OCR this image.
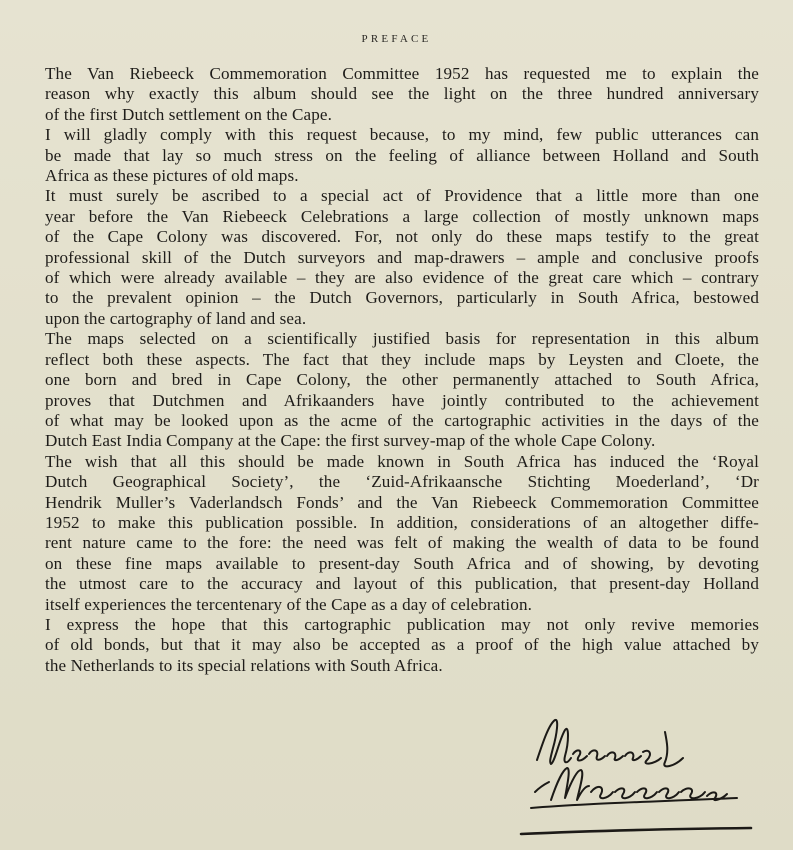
PREFACE

The Van Riebeeck Commemoration Committee 1952 has requested me to explain the
reason why exactly this album should see the light on the three hundred anniversary
of the first Dutch settlement on the Cape.

I will gladly comply with this request because, to my mind, few public utterances can
be made that lay so much stress on the feeling of alliance between Holland and South
Africa as these pictures of old maps.

It must surely be ascribed to a special act of Providence that a little more than one
year before the Van Riebeeck Celebrations a large collection of mostly unknown maps
of the Cape Colony was discovered. For, not only do these maps testify to the great
professional skill of the Dutch surveyors and map-drawers – ample and conclusive proofs
of which were already available – they are also evidence of the great care which – contrary
to the prevalent opinion – the Dutch Governors, particularly in South Africa, bestowed
upon the cartography of land and sea.

The maps selected on a scientifically justified basis for representation in this album
reflect both these aspects. The fact that they include maps by Leysten and Cloete, the
one born and bred in Cape Colony, the other permanently attached to South Africa,
proves that Dutchmen and Afrikaanders have jointly contributed to the achievement
of what may be looked upon as the acme of the cartographic activities in the days of the
Dutch East India Company at the Cape: the first survey-map of the whole Cape Colony.

The wish that all this should be made known in South Africa has induced the ‘Royal
Dutch Geographical Society’, the ‘Zuid-Afrikaansche Stichting Moederland’, ‘Dr
Hendrik Muller’s Vaderlandsch Fonds’ and the Van Riebeeck Commemoration Committee
1952 to make this publication possible. In addition, considerations of an altogether diffe-
rent nature came to the fore: the need was felt of making the wealth of data to be found
on these fine maps available to present-day South Africa and of showing, by devoting
the utmost care to the accuracy and layout of this publication, that present-day Holland
itself experiences the tercentenary of the Cape as a day of celebration.

I express the hope that this cartographic publication may not only revive memories
of old bonds, but that it may also be accepted as a proof of the high value attached by
the Netherlands to its special relations with South Africa.
